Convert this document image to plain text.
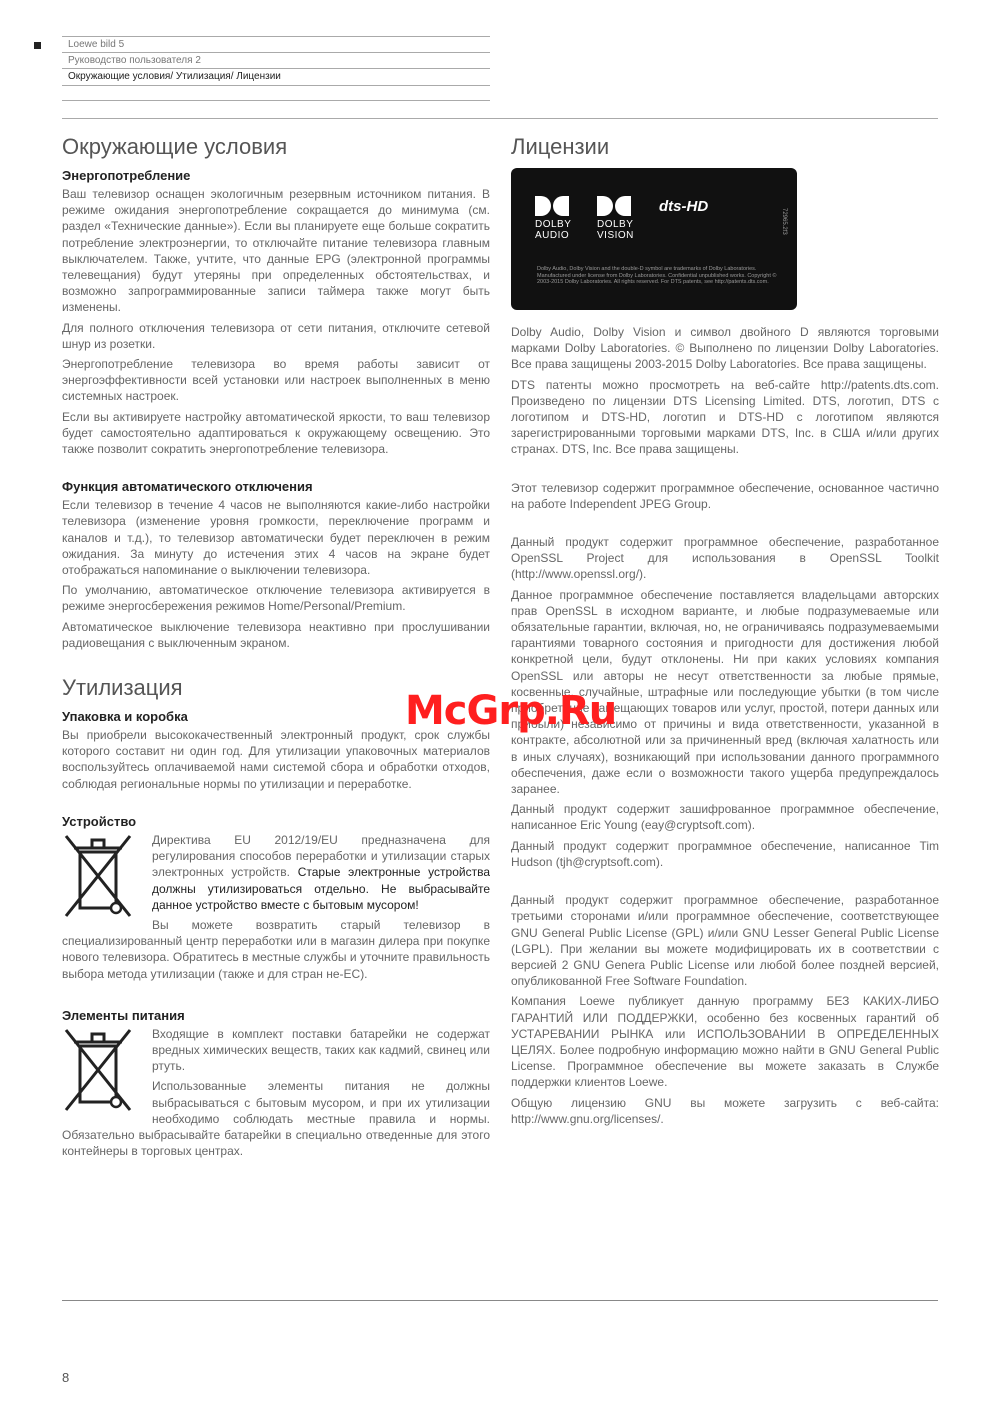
Loewe bild 5
Руководство пользователя 2
Окружающие условия/ Утилизация/ Лицензии
Окружающие условия
Энергопотребление

Ваш телевизор оснащен экологичным резервным источником питания. В режиме ожидания энергопотребление сокращается до минимума (см. раздел «Технические данные»). Если вы планируете еще больше сократить потребление электроэнергии, то отключайте питание телевизора главным выключателем. Также, учтите, что данные EPG (электронной программы телевещания) будут утеряны при определенных обстоятельствах, и возможно запрограммированные записи таймера также могут быть изменены.

Для полного отключения телевизора от сети питания, отключите сетевой шнур из розетки.

Энергопотребление телевизора во время работы зависит от энергоэффективности всей установки или настроек выполненных в меню системных настроек.

Если вы активируете настройку автоматической яркости, то ваш телевизор будет самостоятельно адаптироваться к окружающему освещению. Это также позволит сократить энергопотребление телевизора.

Функция автоматического отключения

Если телевизор в течение 4 часов не выполняются какие-либо настройки телевизора (изменение уровня громкости, переключение программ и каналов и т.д.), то телевизор автоматически будет переключен в режим ожидания. За минуту до истечения этих 4 часов на экране будет отображаться напоминание о выключении телевизора.

По умолчанию, автоматическое отключение телевизора активируется в режиме энергосбережения режимов Home/Personal/Premium.

Автоматическое выключение телевизора неактивно при прослушивании радиовещания с выключенным экраном.

Утилизация
Упаковка и коробка

Вы приобрели высококачественный электронный продукт, срок службы которого составит ни один год. Для утилизации упаковочных материалов воспользуйтесь оплачиваемой нами системой сбора и обработки отходов, соблюдая региональные нормы по утилизации и переработке.

Устройство

Директива EU 2012/19/EU предназначена для регулирования способов переработки и утилизации старых электронных устройств. Старые электронные устройства должны утилизироваться отдельно. Не выбрасывайте данное устройство вместе с бытовым мусором!

Вы можете возвратить старый телевизор в специализированный центр переработки или в магазин дилера при покупке нового телевизора. Обратитесь в местные службы и уточните правильность выбора метода утилизации (также и для стран не-ЕС).

Элементы питания

Входящие в комплект поставки батарейки не содержат вредных химических веществ, таких как кадмий, свинец или ртуть.

Использованные элементы питания не должны выбрасываться с бытовым мусором, и при их утилизации необходимо соблюдать местные правила и нормы. Обязательно выбрасывайте батарейки в специально отведенные для этого контейнеры в торговых центрах.

Лицензии
DOLBY
AUDIO
DOLBY
VISION
dts-HD
Dolby Audio, Dolby Vision and the double-D symbol are trademarks of Dolby Laboratories. Manufactured under license from Dolby Laboratories. Confidential unpublished works. Copyright © 2003-2015 Dolby Laboratories. All rights reserved. For DTS patents, see http://patents.dts.com.
72965.2f3

Dolby Audio, Dolby Vision и символ двойного D являются торговыми марками Dolby Laboratories. © Выполнено по лицензии Dolby Laboratories. Все права защищены 2003-2015 Dolby Laboratories. Все права защищены.

DTS патенты можно просмотреть на веб-сайте http://patents.dts.com. Произведено по лицензии DTS Licensing Limited. DTS, логотип, DTS с логотипом и DTS-HD, логотип и DTS-HD с логотипом являются зарегистрированными торговыми марками DTS, Inc. в США и/или других странах. DTS, Inc. Все права защищены.

Этот телевизор содержит программное обеспечение, основанное частично на работе Independent JPEG Group.

Данный продукт содержит программное обеспечение, разработанное OpenSSL Project для использования в OpenSSL Toolkit (http://www.openssl.org/).

Данное программное обеспечение поставляется владельцами авторских прав OpenSSL в исходном варианте, и любые подразумеваемые или обязательные гарантии, включая, но, не ограничиваясь подразумеваемыми гарантиями товарного состояния и пригодности для достижения любой конкретной цели, будут отклонены. Ни при каких условиях компания OpenSSL или авторы не несут ответственности за любые прямые, косвенные, случайные, штрафные или последующие убытки (в том числе приобретение замещающих товаров или услуг, простой, потери данных или прибыли) независимо от причины и вида ответственности, указанной в контракте, абсолютной или за причиненный вред (включая халатность или в иных случаях), возникающий при использовании данного программного обеспечения, даже если о возможности такого ущерба предупреждалось заранее.

Данный продукт содержит зашифрованное программное обеспечение, написанное Eric Young (eay@cryptsoft.com).

Данный продукт содержит программное обеспечение, написанное Tim Hudson (tjh@cryptsoft.com).

Данный продукт содержит программное обеспечение, разработанное третьими сторонами и/или программное обеспечение, соответствующее GNU General Public License (GPL) и/или GNU Lesser General Public License (LGPL). При желании вы можете модифицировать их в соответствии с версией 2 GNU Genera Public License или любой более поздней версией, опубликованной Free Software Foundation.

Компания Loewe публикует данную программу БЕЗ КАКИХ-ЛИБО ГАРАНТИЙ ИЛИ ПОДДЕРЖКИ, особенно без косвенных гарантий об УСТАРЕВАНИИ РЫНКА или ИСПОЛЬЗОВАНИИ В ОПРЕДЕЛЕННЫХ ЦЕЛЯХ. Более подробную информацию можно найти в GNU General Public License. Программное обеспечение вы можете заказать в Службе поддержки клиентов Loewe.

Общую лицензию GNU вы можете загрузить с веб-сайта: http://www.gnu.org/licenses/.

McGrp.Ru
8
